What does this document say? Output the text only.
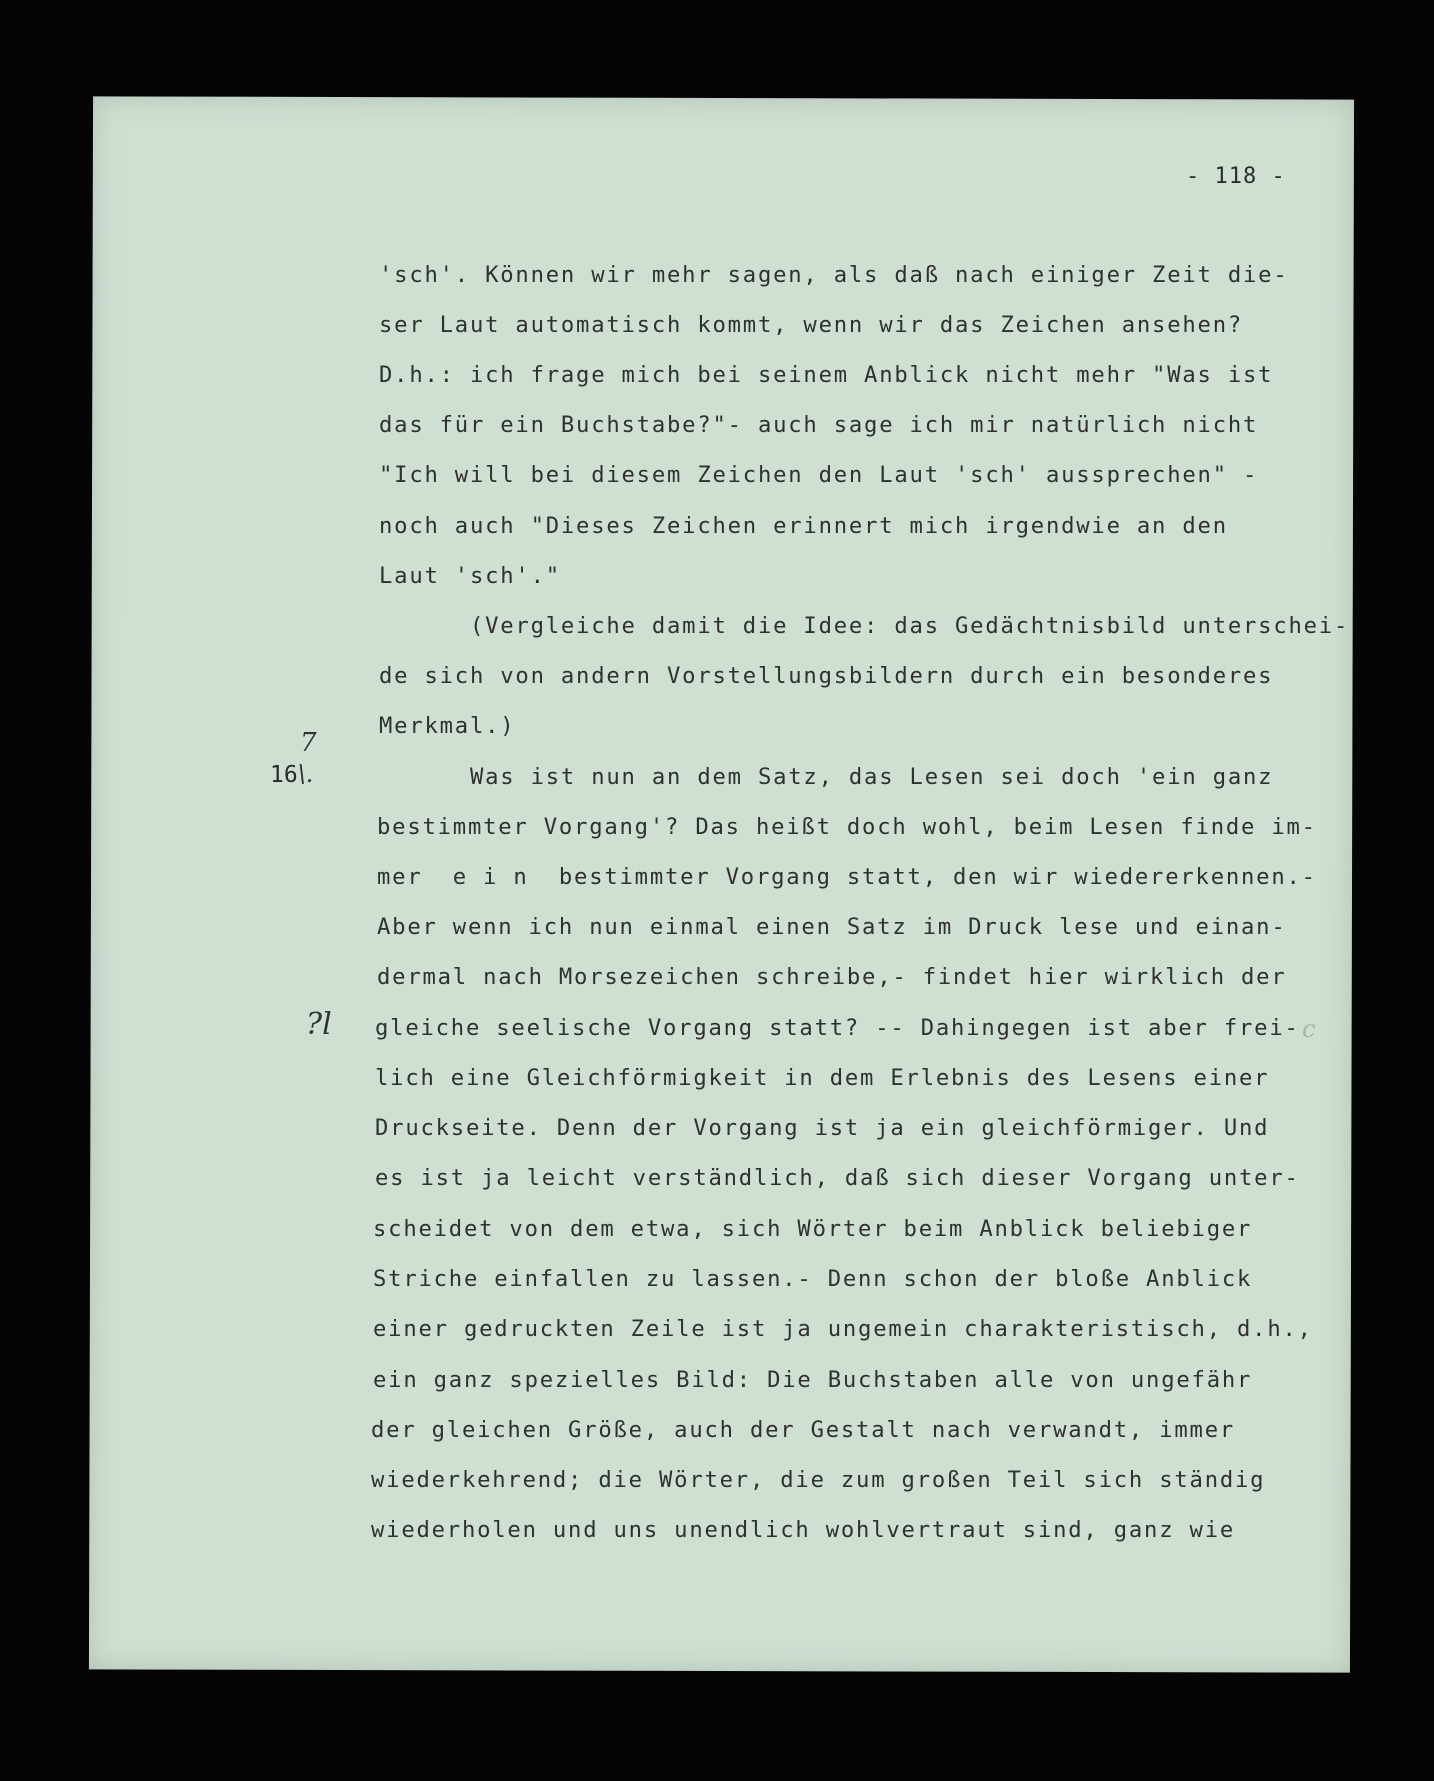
- 118 -
'sch'. Können wir mehr sagen, als daß nach einiger Zeit die-
ser Laut automatisch kommt, wenn wir das Zeichen ansehen?
D.h.: ich frage mich bei seinem Anblick nicht mehr "Was ist
das für ein Buchstabe?"- auch sage ich mir natürlich nicht
"Ich will bei diesem Zeichen den Laut 'sch' aussprechen" -
noch auch "Dieses Zeichen erinnert mich irgendwie an den
Laut 'sch'."
(Vergleiche damit die Idee: das Gedächtnisbild unterschei-
de sich von andern Vorstellungsbildern durch ein besonderes
Merkmal.)
Was ist nun an dem Satz, das Lesen sei doch 'ein ganz
bestimmter Vorgang'? Das heißt doch wohl, beim Lesen finde im-
mer  e i n  bestimmter Vorgang statt, den wir wiedererkennen.-
Aber wenn ich nun einmal einen Satz im Druck lese und einan-
dermal nach Morsezeichen schreibe,- findet hier wirklich der
gleiche seelische Vorgang statt? -- Dahingegen ist aber frei-
lich eine Gleichförmigkeit in dem Erlebnis des Lesens einer
Druckseite. Denn der Vorgang ist ja ein gleichförmiger. Und
es ist ja leicht verständlich, daß sich dieser Vorgang unter-
scheidet von dem etwa, sich Wörter beim Anblick beliebiger
Striche einfallen zu lassen.- Denn schon der bloße Anblick
einer gedruckten Zeile ist ja ungemein charakteristisch, d.h.,
ein ganz spezielles Bild: Die Buchstaben alle von ungefähr
der gleichen Größe, auch der Gestalt nach verwandt, immer
wiederkehrend; die Wörter, die zum großen Teil sich ständig
wiederholen und uns unendlich wohlvertraut sind, ganz wie
16\.
7
?l	c
